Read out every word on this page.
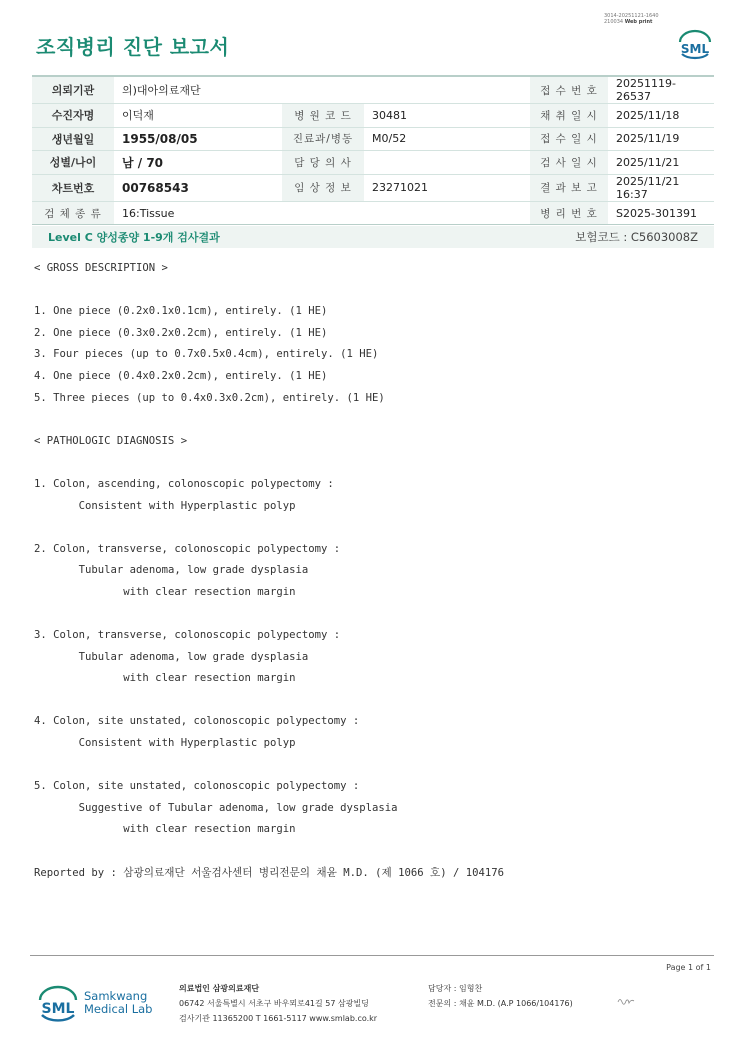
3014-20251121-1640
210034 Web print
조직병리 진단 보고서	SML
의뢰기관	의)대아의료재단			접 수 번 호	20251119-26537
수진자명	이덕재	병 원 코 드	30481	채 취 일 시	2025/11/18
생년월일	1955/08/05	진료과/병동	M0/52	접 수 일 시	2025/11/19
성별/나이	남 / 70	담 당 의 사		검 사 일 시	2025/11/21
차트번호	00768543	임 상 정 보	23271021	결 과 보 고	2025/11/21 16:37
검 체 종 류	16:Tissue			병 리 번 호	S2025-301391
Level C 양성종양 1-9개 검사결과	보험코드 : C5603008Z
< GROSS DESCRIPTION >

1. One piece (0.2x0.1x0.1cm), entirely. (1 HE)
2. One piece (0.3x0.2x0.2cm), entirely. (1 HE)
3. Four pieces (up to 0.7x0.5x0.4cm), entirely. (1 HE)
4. One piece (0.4x0.2x0.2cm), entirely. (1 HE)
5. Three pieces (up to 0.4x0.3x0.2cm), entirely. (1 HE)

< PATHOLOGIC DIAGNOSIS >

1. Colon, ascending, colonoscopic polypectomy :
Consistent with Hyperplastic polyp

2. Colon, transverse, colonoscopic polypectomy :
Tubular adenoma, low grade dysplasia
with clear resection margin

3. Colon, transverse, colonoscopic polypectomy :
Tubular adenoma, low grade dysplasia
with clear resection margin

4. Colon, site unstated, colonoscopic polypectomy :
Consistent with Hyperplastic polyp

5. Colon, site unstated, colonoscopic polypectomy :
Suggestive of Tubular adenoma, low grade dysplasia
with clear resection margin

Reported by : 삼광의료재단 서울검사센터 병리전문의 채윤 M.D. (제 1066 호) / 104176
Page 1 of 1
SML
Samkwang
Medical Lab
의료법인 삼광의료재단
06742 서울특별시 서초구 바우뫼로41길 57 삼광빌딩
검사기관 11365200 T 1661-5117 www.smlab.co.kr
담당자 : 임형찬
전문의 : 채윤 M.D. (A.P 1066/104176)
